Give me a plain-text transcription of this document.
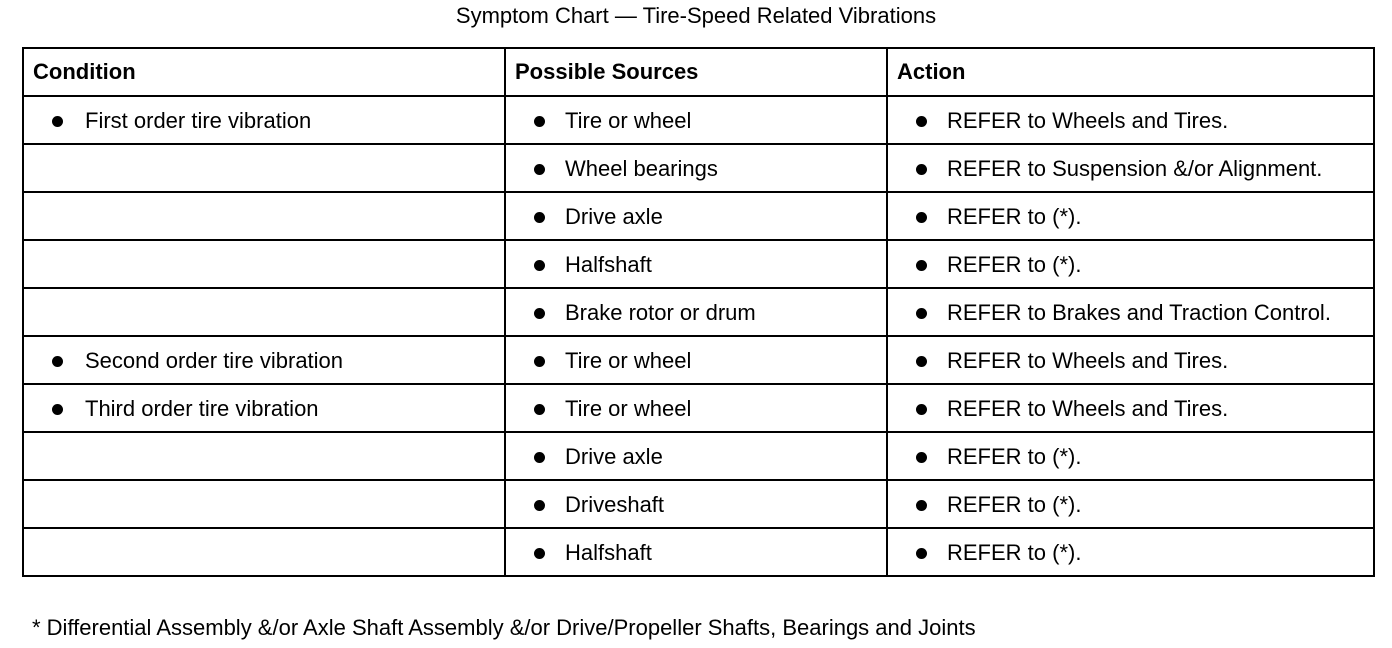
Symptom Chart — Tire-Speed Related Vibrations
Condition	Possible Sources	Action

First order tire vibration	Tire or wheel	REFER to Wheels and Tires.

	Wheel bearings	REFER to Suspension &/or Alignment.

	Drive axle	REFER to (*).

	Halfshaft	REFER to (*).

	Brake rotor or drum	REFER to Brakes and Traction Control.

Second order tire vibration	Tire or wheel	REFER to Wheels and Tires.

Third order tire vibration	Tire or wheel	REFER to Wheels and Tires.

	Drive axle	REFER to (*).

	Driveshaft	REFER to (*).

	Halfshaft	REFER to (*).
* Differential Assembly &/or Axle Shaft Assembly &/or Drive/Propeller Shafts, Bearings and Joints
